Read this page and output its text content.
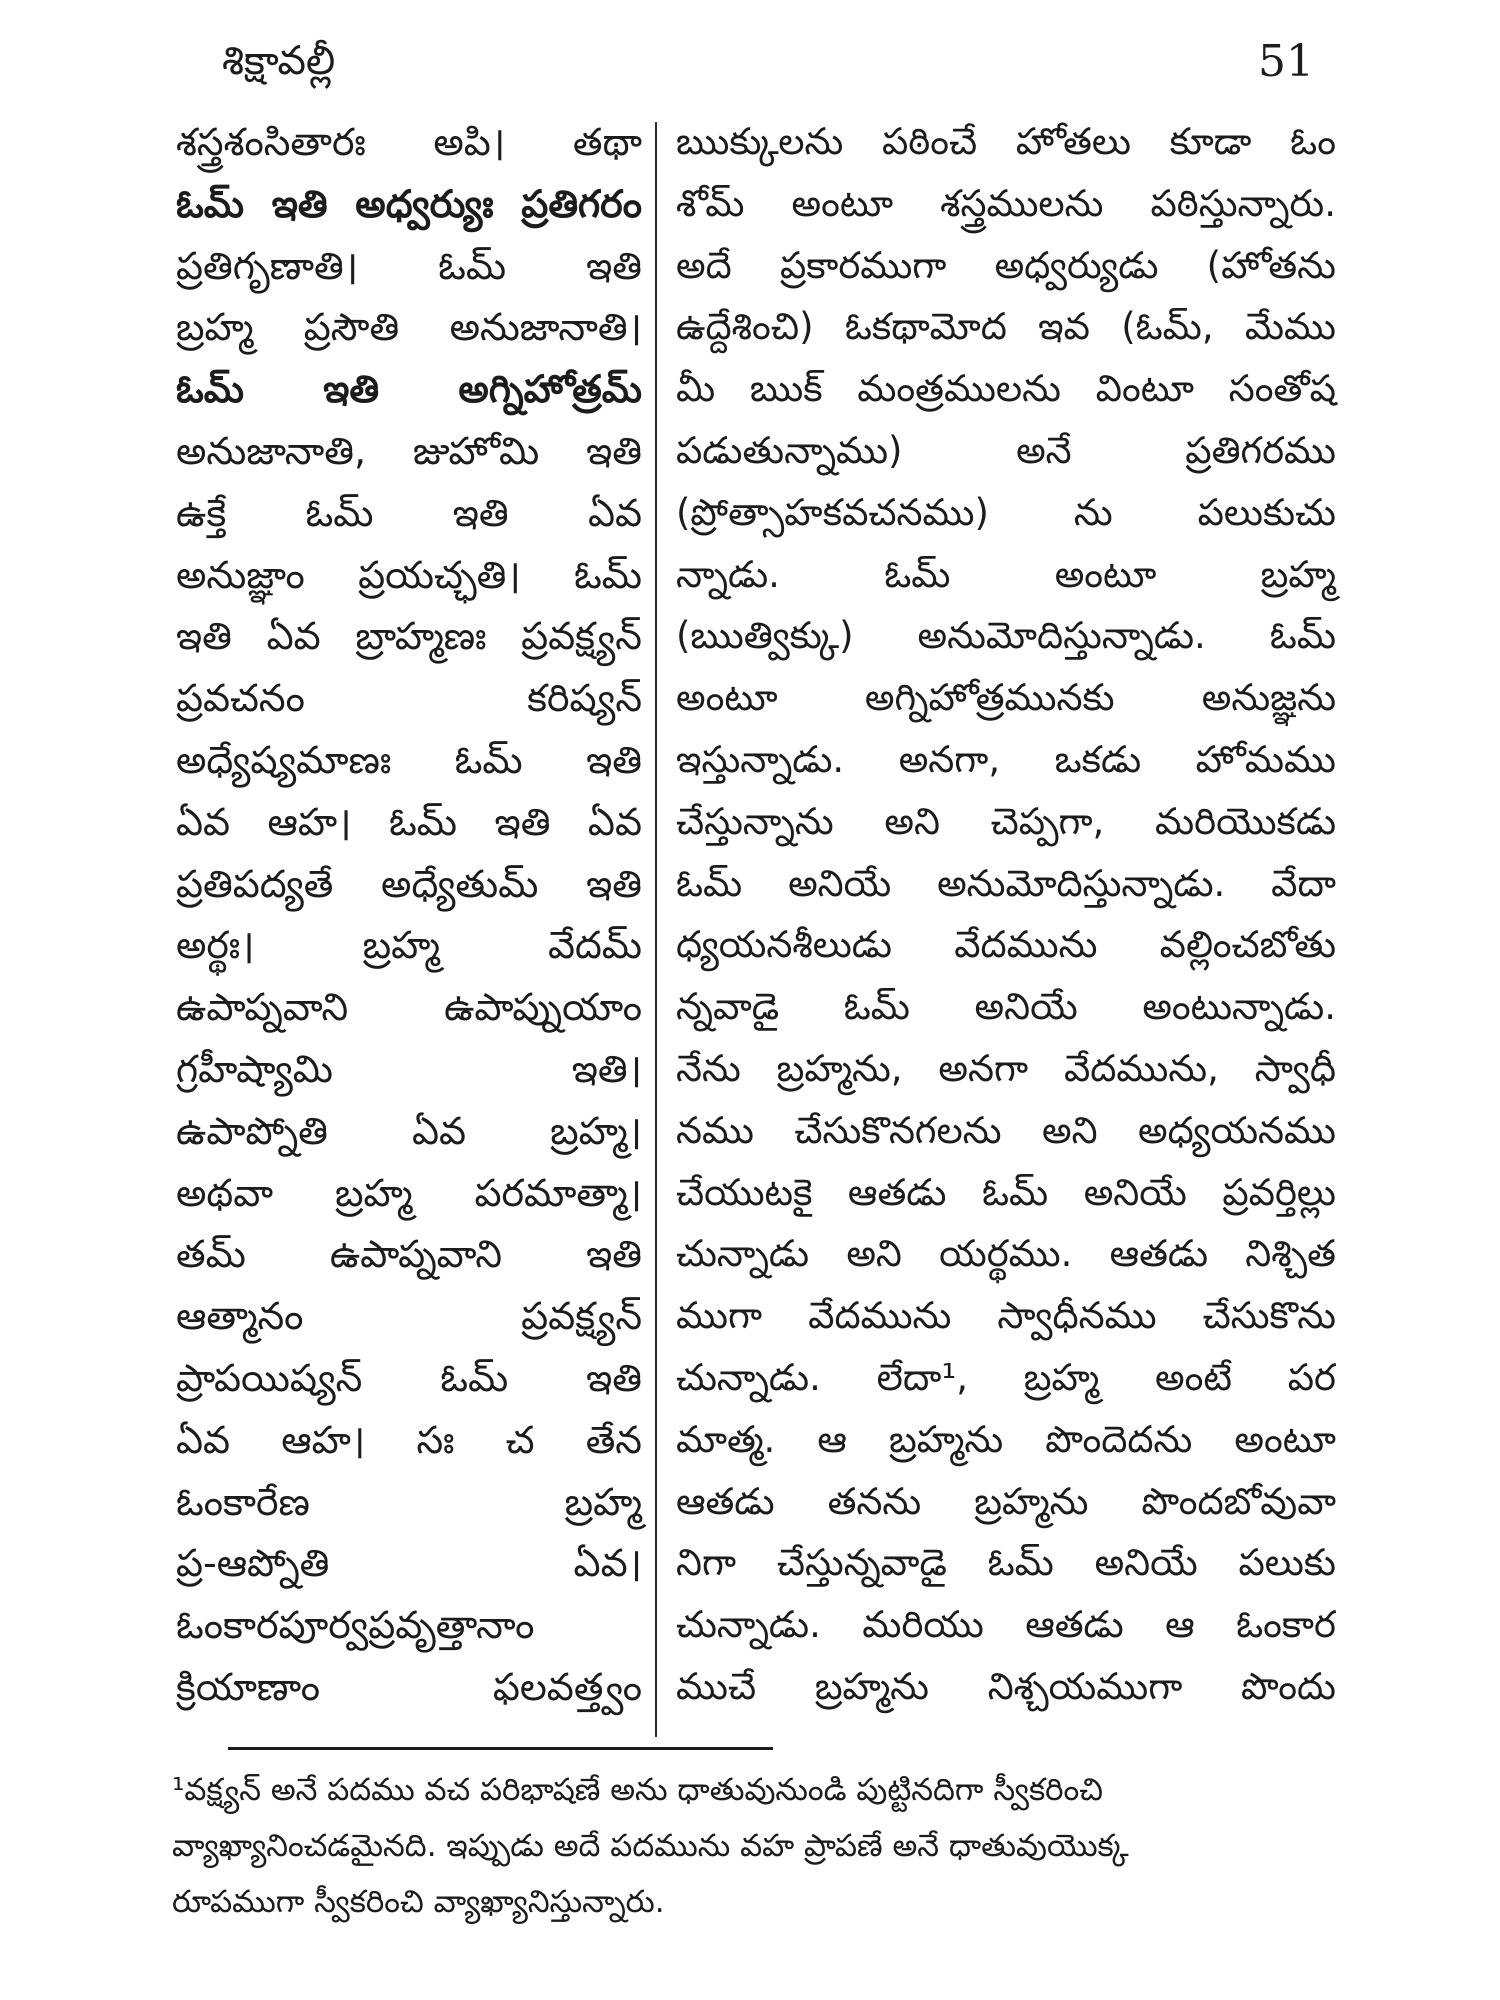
శిక్షావల్లీ	51
శస్త్రశంసితారః అపి। తథా
ఓమ్ ఇతి అధ్వర్యుః ప్రతిగరం
ప్రతిగృణాతి। ఓమ్ ఇతి
బ్రహ్మ ప్రసౌతి అనుజానాతి।
ఓమ్ ఇతి అగ్నిహోత్రమ్
అనుజానాతి, జుహోమి ఇతి
ఉక్తే ఓమ్ ఇతి ఏవ
అనుజ్ఞాం ప్రయచ్ఛతి। ఓమ్
ఇతి ఏవ బ్రాహ్మణః ప్రవక్ష్యన్
ప్రవచనం	కరిష్యన్
అధ్యేష్యమాణః ఓమ్ ఇతి
ఏవ ఆహ। ఓమ్ ఇతి ఏవ
ప్రతిపద్యతే అధ్యేతుమ్ ఇతి
అర్థః।	బ్రహ్మ	వేదమ్
ఉపాప్నవాని	ఉపాప్నుయాం
గ్రహీష్యామి	ఇతి।
ఉపాప్నోతి ఏవ బ్రహ్మ।
అథవా బ్రహ్మ పరమాత్మా।
తమ్ ఉపాప్నవాని ఇతి
ఆత్మానం	ప్రవక్ష్యన్
ప్రాపయిష్యన్ ఓమ్ ఇతి
ఏవ ఆహ। సః చ తేన
ఓంకారేణ	బ్రహ్మ
ప్ర-ఆప్నోతి	ఏవ।
ఓంకారపూర్వప్రవృత్తానాం
క్రియాణాం	ఫలవత్త్వం
ఋక్కులను పఠించే హోతలు కూడా ఓం
శోమ్ అంటూ శస్త్రములను పఠిస్తున్నారు.
అదే ప్రకారముగా అధ్వర్యుడు (హోతను
ఉద్దేశించి) ఓకథామోద ఇవ (ఓమ్, మేము
మీ ఋక్ మంత్రములను వింటూ సంతోష
పడుతున్నాము)	అనే	ప్రతిగరము
(ప్రోత్సాహకవచనము) ను పలుకుచు
న్నాడు.	ఓమ్	అంటూ	బ్రహ్మ
(ఋత్విక్కు) అనుమోదిస్తున్నాడు. ఓమ్
అంటూ అగ్నిహోత్రమునకు అనుజ్ఞను
ఇస్తున్నాడు. అనగా, ఒకడు హోమము
చేస్తున్నాను అని చెప్పగా, మరియొకడు
ఓమ్ అనియే అనుమోదిస్తున్నాడు. వేదా
ధ్యయనశీలుడు వేదమును వల్లించబోతు
న్నవాడై ఓమ్ అనియే అంటున్నాడు.
నేను బ్రహ్మను, అనగా వేదమును, స్వాధీ
నము చేసుకొనగలను అని అధ్యయనము
చేయుటకై ఆతడు ఓమ్ అనియే ప్రవర్తిల్లు
చున్నాడు అని యర్థము. ఆతడు నిశ్చిత
ముగా వేదమును స్వాధీనము చేసుకొను
చున్నాడు. లేదా¹, బ్రహ్మ అంటే పర
మాత్మ. ఆ బ్రహ్మను పొందెదను అంటూ
ఆతడు తనను బ్రహ్మను పొందబోవువా
నిగా చేస్తున్నవాడై ఓమ్ అనియే పలుకు
చున్నాడు. మరియు ఆతడు ఆ ఓంకార
ముచే బ్రహ్మను నిశ్చయముగా పొందు
¹వక్ష్యన్ అనే పదము వచ పరిభాషణే అను ధాతువునుండి పుట్టినదిగా స్వీకరించి
వ్యాఖ్యానించడమైనది. ఇప్పుడు అదే పదమును వహ ప్రాపణే అనే ధాతువుయొక్క
రూపముగా స్వీకరించి వ్యాఖ్యానిస్తున్నారు.
